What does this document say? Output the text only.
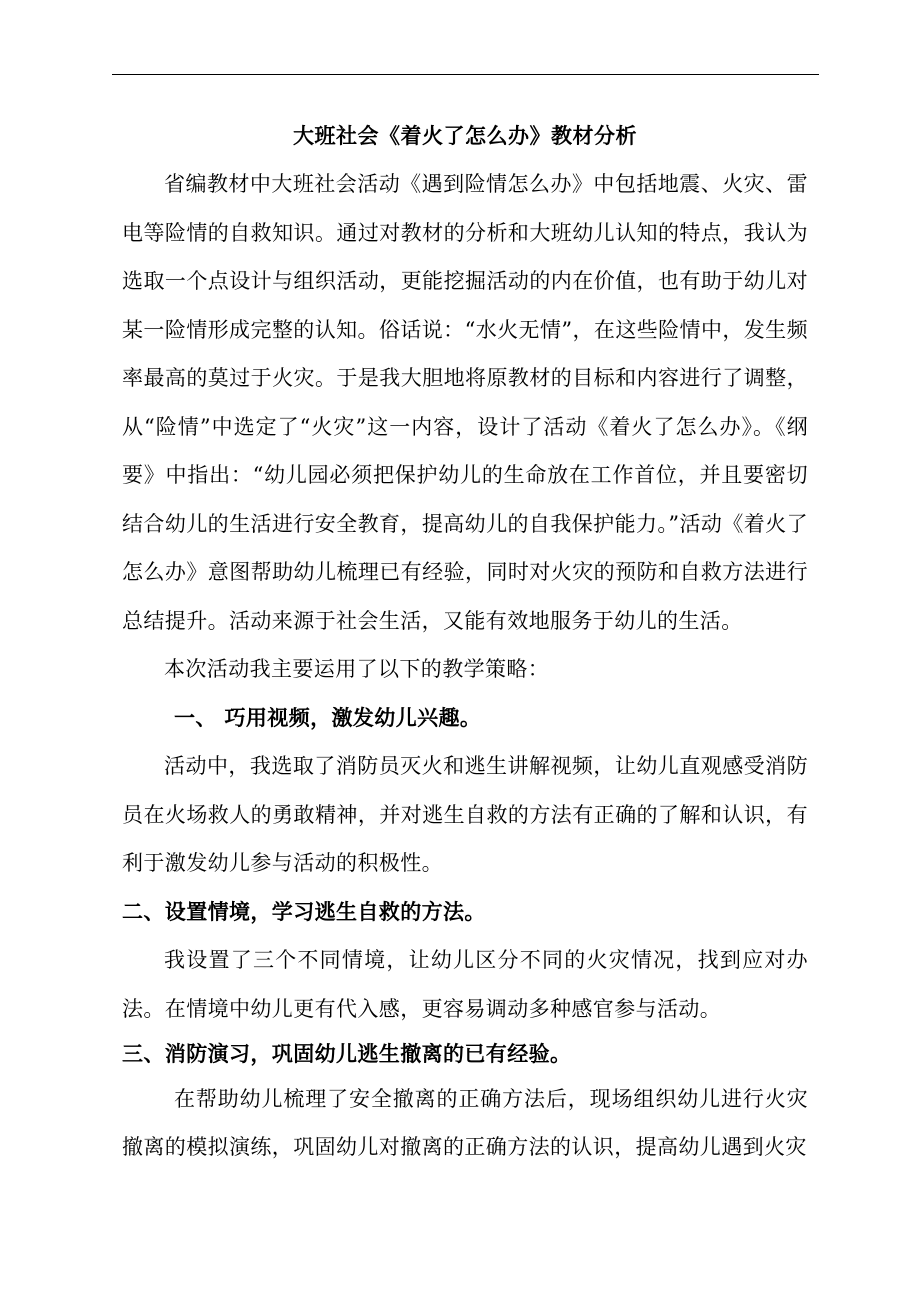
大班社会《着火了怎么办》教材分析

省编教材中大班社会活动《遇到险情怎么办》中包括地震、火灾、雷电等险情的自救知识。通过对教材的分析和大班幼儿认知的特点，我认为选取一个点设计与组织活动，更能挖掘活动的内在价值，也有助于幼儿对某一险情形成完整的认知。俗话说：“水火无情”，在这些险情中，发生频率最高的莫过于火灾。于是我大胆地将原教材的目标和内容进行了调整，从“险情”中选定了“火灾”这一内容，设计了活动《着火了怎么办》。《纲要》中指出：“幼儿园必须把保护幼儿的生命放在工作首位，并且要密切结合幼儿的生活进行安全教育，提高幼儿的自我保护能力。”活动《着火了怎么办》意图帮助幼儿梳理已有经验，同时对火灾的预防和自救方法进行总结提升。活动来源于社会生活，又能有效地服务于幼儿的生活。

本次活动我主要运用了以下的教学策略：

一、 巧用视频，激发幼儿兴趣。

活动中，我选取了消防员灭火和逃生讲解视频，让幼儿直观感受消防员在火场救人的勇敢精神，并对逃生自救的方法有正确的了解和认识，有利于激发幼儿参与活动的积极性。

二、设置情境，学习逃生自救的方法。

我设置了三个不同情境，让幼儿区分不同的火灾情况，找到应对办法。在情境中幼儿更有代入感，更容易调动多种感官参与活动。

三、消防演习，巩固幼儿逃生撤离的已有经验。

在帮助幼儿梳理了安全撤离的正确方法后，现场组织幼儿进行火灾撤离的模拟演练，巩固幼儿对撤离的正确方法的认识，提高幼儿遇到火灾
